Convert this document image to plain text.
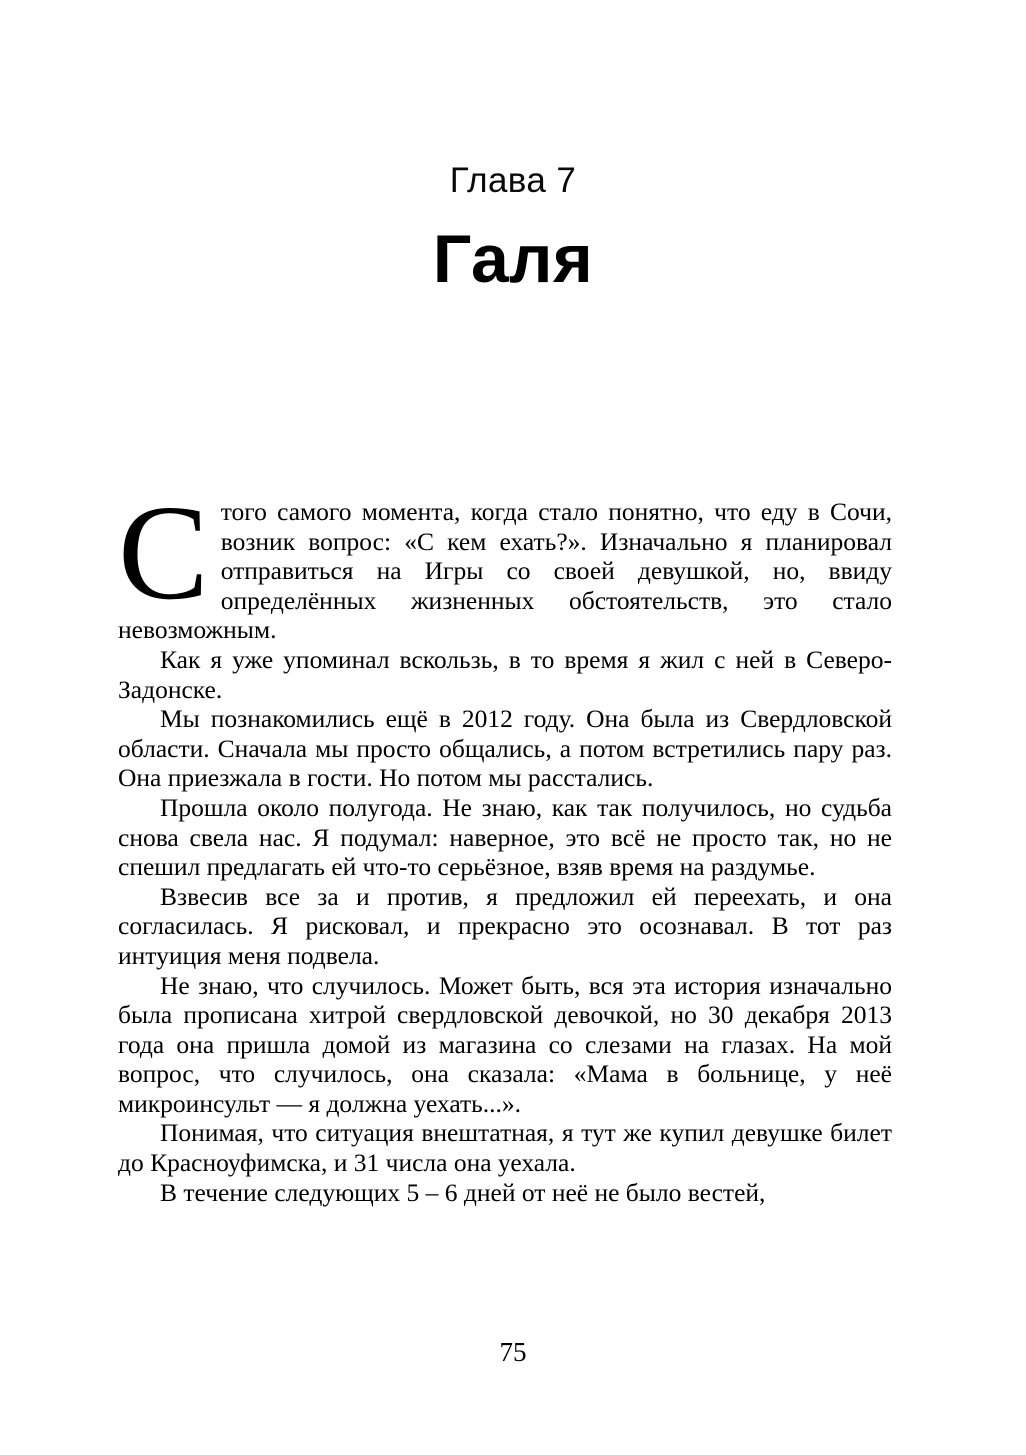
Глава 7
Галя

Стого самого момента, когда стало понятно, что еду в Сочи, возник вопрос: «С кем ехать?». Изначально я планировал отправиться на Игры со своей девушкой, но, ввиду определённых жизненных обстоятельств, это стало невозможным.

Как я уже упоминал вскользь, в то время я жил с ней в Северо-Задонске.

Мы познакомились ещё в 2012 году. Она была из Свердловской области. Сначала мы просто общались, а потом встретились пару раз. Она приезжала в гости. Но потом мы расстались.

Прошла около полугода. Не знаю, как так получилось, но судьба снова свела нас. Я подумал: наверное, это всё не просто так, но не спешил предлагать ей что-то серьёзное, взяв время на раздумье.

Взвесив все за и против, я предложил ей переехать, и она согласилась. Я рисковал, и прекрасно это осознавал. В тот раз интуиция меня подвела.

Не знаю, что случилось. Может быть, вся эта история изначально была прописана хитрой свердловской девочкой, но 30 декабря 2013 года она пришла домой из магазина со слезами на глазах. На мой вопрос, что случилось, она сказала: «Мама в больнице, у неё микроинсульт — я должна уехать...».

Понимая, что ситуация внештатная, я тут же купил девушке билет до Красноуфимска, и 31 числа она уехала.

В течение следующих 5 – 6 дней от неё не было вестей,

75
